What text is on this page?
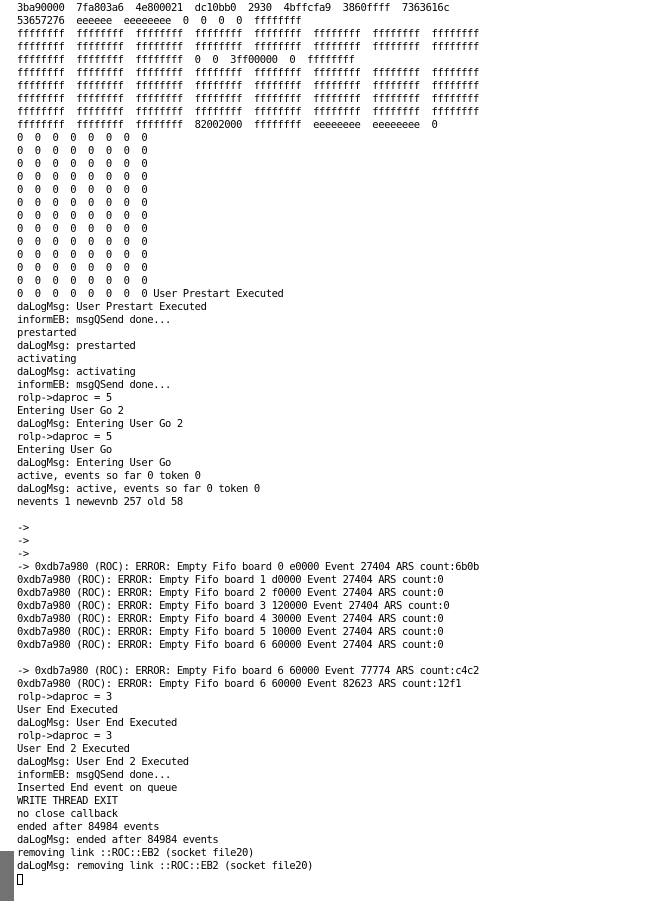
3ba90000  7fa803a6  4e800021  dc10bb0  2930  4bffcfa9  3860ffff  7363616c
53657276  eeeeee  eeeeeeee  0  0  0  0  ffffffff
ffffffff  ffffffff  ffffffff  ffffffff  ffffffff  ffffffff  ffffffff  ffffffff
ffffffff  ffffffff  ffffffff  ffffffff  ffffffff  ffffffff  ffffffff  ffffffff
ffffffff  ffffffff  ffffffff  0  0  3ff00000  0  ffffffff
ffffffff  ffffffff  ffffffff  ffffffff  ffffffff  ffffffff  ffffffff  ffffffff
ffffffff  ffffffff  ffffffff  ffffffff  ffffffff  ffffffff  ffffffff  ffffffff
ffffffff  ffffffff  ffffffff  ffffffff  ffffffff  ffffffff  ffffffff  ffffffff
ffffffff  ffffffff  ffffffff  ffffffff  ffffffff  ffffffff  ffffffff  ffffffff
ffffffff  ffffffff  ffffffff  82002000  ffffffff  eeeeeeee  eeeeeeee  0
0  0  0  0  0  0  0  0
0  0  0  0  0  0  0  0
0  0  0  0  0  0  0  0
0  0  0  0  0  0  0  0
0  0  0  0  0  0  0  0
0  0  0  0  0  0  0  0
0  0  0  0  0  0  0  0
0  0  0  0  0  0  0  0
0  0  0  0  0  0  0  0
0  0  0  0  0  0  0  0
0  0  0  0  0  0  0  0
0  0  0  0  0  0  0  0
0  0  0  0  0  0  0  0 User Prestart Executed
daLogMsg: User Prestart Executed
informEB: msgQSend done...
prestarted
daLogMsg: prestarted
activating
daLogMsg: activating
informEB: msgQSend done...
rolp->daproc = 5
Entering User Go 2
daLogMsg: Entering User Go 2
rolp->daproc = 5
Entering User Go
daLogMsg: Entering User Go
active, events so far 0 token 0
daLogMsg: active, events so far 0 token 0
nevents 1 newevnb 257 old 58
->
->
->
-> 0xdb7a980 (ROC): ERROR: Empty Fifo board 0 e0000 Event 27404 ARS count:6b0b
0xdb7a980 (ROC): ERROR: Empty Fifo board 1 d0000 Event 27404 ARS count:0
0xdb7a980 (ROC): ERROR: Empty Fifo board 2 f0000 Event 27404 ARS count:0
0xdb7a980 (ROC): ERROR: Empty Fifo board 3 120000 Event 27404 ARS count:0
0xdb7a980 (ROC): ERROR: Empty Fifo board 4 30000 Event 27404 ARS count:0
0xdb7a980 (ROC): ERROR: Empty Fifo board 5 10000 Event 27404 ARS count:0
0xdb7a980 (ROC): ERROR: Empty Fifo board 6 60000 Event 27404 ARS count:0
-> 0xdb7a980 (ROC): ERROR: Empty Fifo board 6 60000 Event 77774 ARS count:c4c2
0xdb7a980 (ROC): ERROR: Empty Fifo board 6 60000 Event 82623 ARS count:12f1
rolp->daproc = 3
User End Executed
daLogMsg: User End Executed
rolp->daproc = 3
User End 2 Executed
daLogMsg: User End 2 Executed
informEB: msgQSend done...
Inserted End event on queue
WRITE THREAD EXIT
no close callback
ended after 84984 events
daLogMsg: ended after 84984 events
removing link ::ROC::EB2 (socket file20)
daLogMsg: removing link ::ROC::EB2 (socket file20)
